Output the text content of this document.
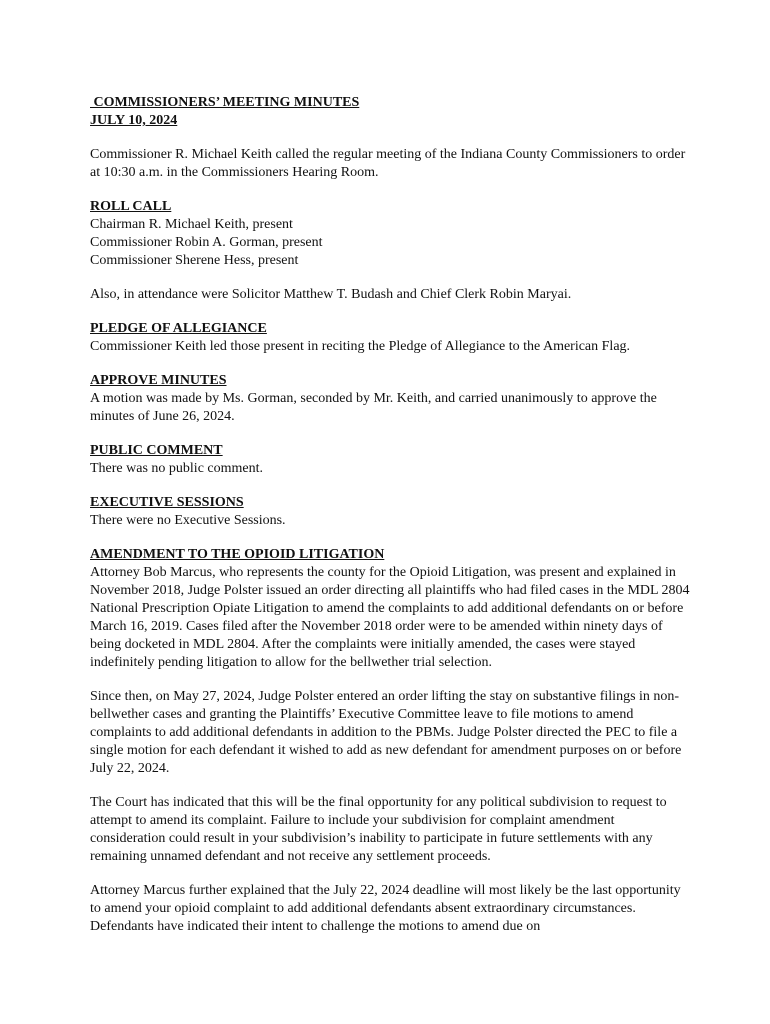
COMMISSIONERS’ MEETING MINUTES

JULY 10, 2024

Commissioner R. Michael Keith called the regular meeting of the Indiana County Commissioners to order at 10:30 a.m. in the Commissioners Hearing Room.

ROLL CALL

Chairman R. Michael Keith, present
Commissioner Robin A. Gorman, present
Commissioner Sherene Hess, present

Also, in attendance were Solicitor Matthew T. Budash and Chief Clerk Robin Maryai.

PLEDGE OF ALLEGIANCE

Commissioner Keith led those present in reciting the Pledge of Allegiance to the American Flag.

APPROVE MINUTES

A motion was made by Ms. Gorman, seconded by Mr. Keith, and carried unanimously to approve the minutes of June 26, 2024.

PUBLIC COMMENT

There was no public comment.

EXECUTIVE SESSIONS

There were no Executive Sessions.

AMENDMENT TO THE OPIOID LITIGATION

Attorney Bob Marcus, who represents the county for the Opioid Litigation, was present and explained in November 2018, Judge Polster issued an order directing all plaintiffs who had filed cases in the MDL 2804 National Prescription Opiate Litigation to amend the complaints to add additional defendants on or before March 16, 2019. Cases filed after the November 2018 order were to be amended within ninety days of being docketed in MDL 2804. After the complaints were initially amended, the cases were stayed indefinitely pending litigation to allow for the bellwether trial selection.

Since then, on May 27, 2024, Judge Polster entered an order lifting the stay on substantive filings in non-bellwether cases and granting the Plaintiffs’ Executive Committee leave to file motions to amend complaints to add additional defendants in addition to the PBMs. Judge Polster directed the PEC to file a single motion for each defendant it wished to add as new defendant for amendment purposes on or before July 22, 2024.

The Court has indicated that this will be the final opportunity for any political subdivision to request to attempt to amend its complaint. Failure to include your subdivision for complaint amendment consideration could result in your subdivision’s inability to participate in future settlements with any remaining unnamed defendant and not receive any settlement proceeds.

Attorney Marcus further explained that the July 22, 2024 deadline will most likely be the last opportunity to amend your opioid complaint to add additional defendants absent extraordinary circumstances. Defendants have indicated their intent to challenge the motions to amend due on
